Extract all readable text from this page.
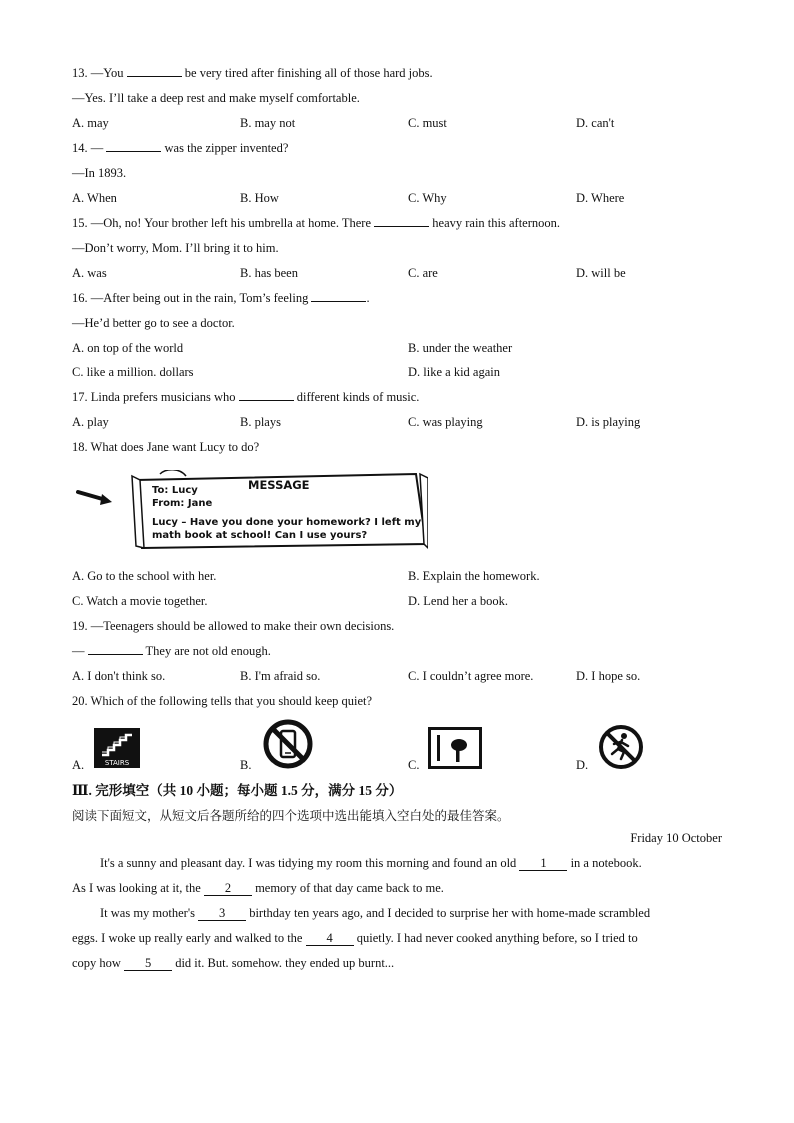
13. —You	be very tired after finishing all of those hard jobs.
—Yes. I’ll take a deep rest and make myself comfortable.
A. may	B. may not	C. must	D. can't
14. —	was the zipper invented?
—In 1893.
A. When	B. How	C. Why	D. Where
15. —Oh, no! Your brother left his umbrella at home. There	heavy rain this afternoon.
—Don’t worry, Mom. I’ll bring it to him.
A. was	B. has been	C. are	D. will be
16. —After being out in the rain, Tom’s feeling	.
—He’d better go to see a doctor.
A. on top of the world	B. under the weather
C. like a million. dollars	D. like a kid again
17. Linda prefers musicians who	different kinds of music.
A. play	B. plays	C. was playing	D. is playing
18. What does Jane want Lucy to do?
To: Lucy	MESSAGE
From: Jane
Lucy – Have you done your homework? I left my
math book at school! Can I use yours?
A. Go to the school with her.	B. Explain the homework.
C. Watch a movie together.	D. Lend her a book.
19. —Teenagers should be allowed to make their own decisions.
—	They are not old enough.
A. I don't think so.	B. I'm afraid so.	C. I couldn’t agree more.	D. I hope so.
20. Which of the following tells that you should keep quiet?
A.	STAIRS	B.	C.	D.
Ⅲ. 完形填空（共 10 小题；每小题 1.5 分，满分 15 分）
阅读下面短文，从短文后各题所给的四个选项中选出能填入空白处的最佳答案。
Friday 10 October
It's a sunny and pleasant day. I was tidying my room this morning and found an old 1 in a notebook.
As I was looking at it, the 2 memory of that day came back to me.
It was my mother's 3 birthday ten years ago, and I decided to surprise her with home-made scrambled
eggs. I woke up really early and walked to the 4 quietly. I had never cooked anything before, so I tried to
copy how 5 did it. But. somehow. they ended up burnt...
